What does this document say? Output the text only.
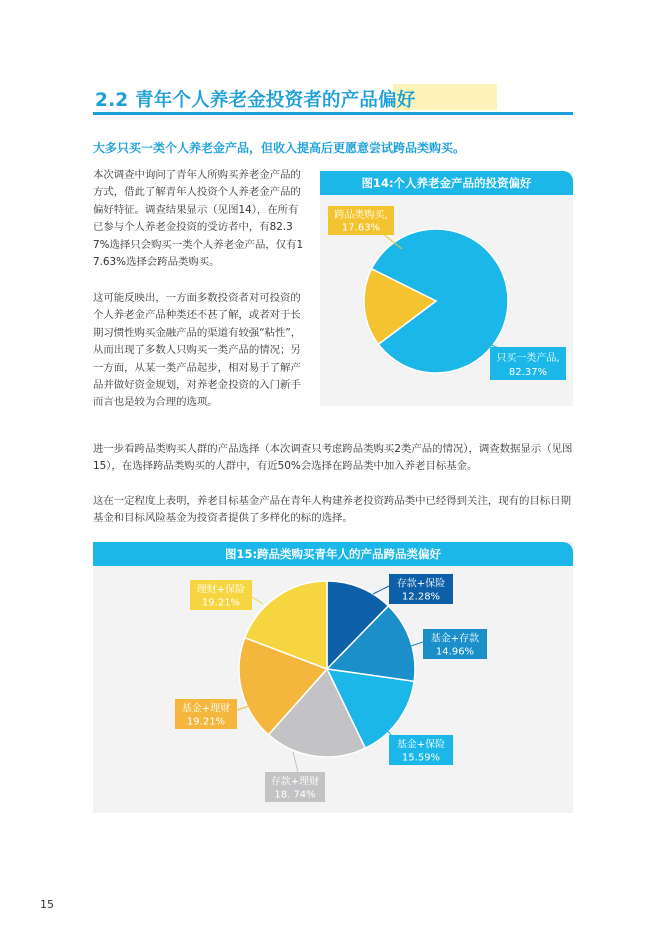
2.2 青年个人养老金投资者的产品偏好
大多只买一类个人养老金产品，但收入提高后更愿意尝试跨品类购买。

本次调查中询问了青年人所购买养老金产品的方式，借此了解青年人投资个人养老金产品的偏好特征。调查结果显示（见图14），在所有已参与个人养老金投资的受访者中，有82.37%选择只会购买一类个人养老金产品，仅有17.63%选择会跨品类购买。

这可能反映出，一方面多数投资者对可投资的个人养老金产品种类还不甚了解，或者对于长期习惯性购买金融产品的渠道有较强“粘性”，从而出现了多数人只购买一类产品的情况；另一方面，从某一类产品起步，相对易于了解产品并做好资金规划，对养老金投资的入门新手而言也是较为合理的选项。

只买一类产品,
82.37%
跨品类购买,
17.63%
图14:个人养老金产品的投资偏好

进一步看跨品类购买人群的产品选择（本次调查只考虑跨品类购买2类产品的情况），调查数据显示（见图15），在选择跨品类购买的人群中，有近50%会选择在跨品类中加入养老目标基金。

这在一定程度上表明，养老目标基金产品在青年人构建养老投资跨品类中已经得到关注，现有的目标日期基金和目标风险基金为投资者提供了多样化的标的选择。

存款+保险
12.28%
基金+存款
14.96%
基金+保险
15.59%
存款+理财
18. 74%
基金+理财
19.21%
理财+保险
19.21%
图15:跨品类购买青年人的产品跨品类偏好
15
